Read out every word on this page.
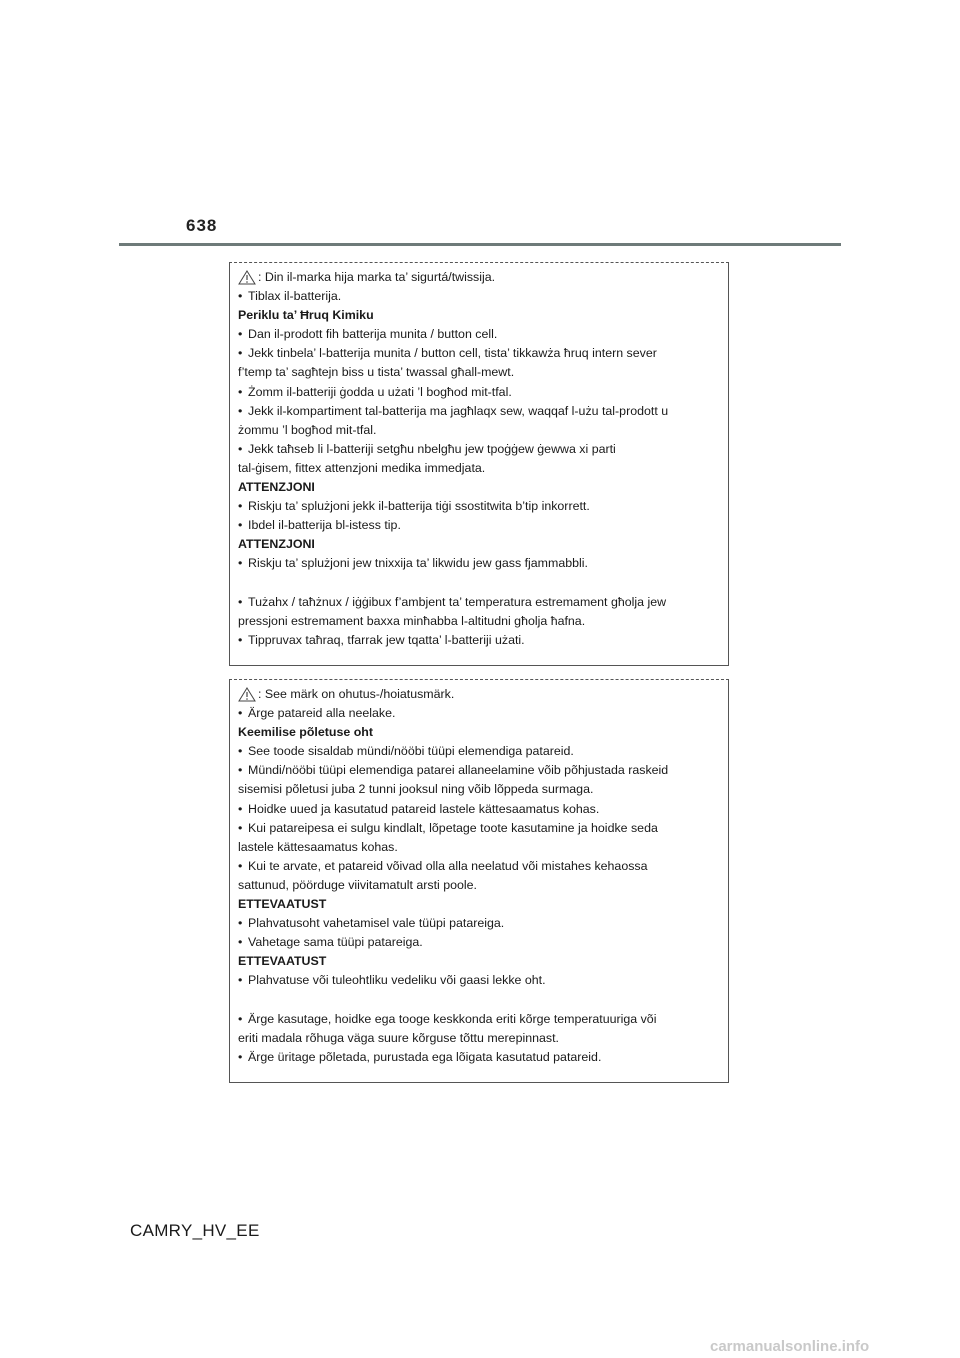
638
: Din il-marka hija marka ta’ sigurtá/twissija.
• Tiblax il-batterija.
Periklu ta’ Ħruq Kimiku
• Dan il-prodott fih batterija munita / button cell.
• Jekk tinbela’ l-batterija munita / button cell, tista’ tikkawża ħruq intern sever
f’temp ta’ sagħtejn biss u tista’ twassal għall-mewt.
• Żomm il-batteriji ġodda u użati ’l bogħod mit-tfal.
• Jekk il-kompartiment tal-batterija ma jagħlaqx sew, waqqaf l-użu tal-prodott u
żommu ’l bogħod mit-tfal.
• Jekk taħseb li l-batteriji setgħu nbelgħu jew tpoġġew ġewwa xi parti
tal-ġisem, fittex attenzjoni medika immedjata.
ATTENZJONI
• Riskju ta’ splużjoni jekk il-batterija tiġi ssostitwita b’tip inkorrett.
• Ibdel il-batterija bl-istess tip.
ATTENZJONI
• Riskju ta’ splużjoni jew tnixxija ta’ likwidu jew gass fjammabbli.
• Tużahx / taħżnux / iġġibux f’ambjent ta’ temperatura estremament għolja jew
pressjoni estremament baxxa minħabba l-altitudni għolja ħafna.
• Tippruvax taħraq, tfarrak jew tqatta’ l-batteriji użati.
: See märk on ohutus-/hoiatusmärk.
• Ärge patareid alla neelake.
Keemilise põletuse oht
• See toode sisaldab mündi/nööbi tüüpi elemendiga patareid.
• Mündi/nööbi tüüpi elemendiga patarei allaneelamine võib põhjustada raskeid
sisemisi põletusi juba 2 tunni jooksul ning võib lõppeda surmaga.
• Hoidke uued ja kasutatud patareid lastele kättesaamatus kohas.
• Kui patareipesa ei sulgu kindlalt, lõpetage toote kasutamine ja hoidke seda
lastele kättesaamatus kohas.
• Kui te arvate, et patareid võivad olla alla neelatud või mistahes kehaossa
sattunud, pöörduge viivitamatult arsti poole.
ETTEVAATUST
• Plahvatusoht vahetamisel vale tüüpi patareiga.
• Vahetage sama tüüpi patareiga.
ETTEVAATUST
• Plahvatuse või tuleohtliku vedeliku või gaasi lekke oht.
• Ärge kasutage, hoidke ega tooge keskkonda eriti kõrge temperatuuriga või
eriti madala rõhuga väga suure kõrguse tõttu merepinnast.
• Ärge üritage põletada, purustada ega lõigata kasutatud patareid.
CAMRY_HV_EE
carmanualsonline.info
